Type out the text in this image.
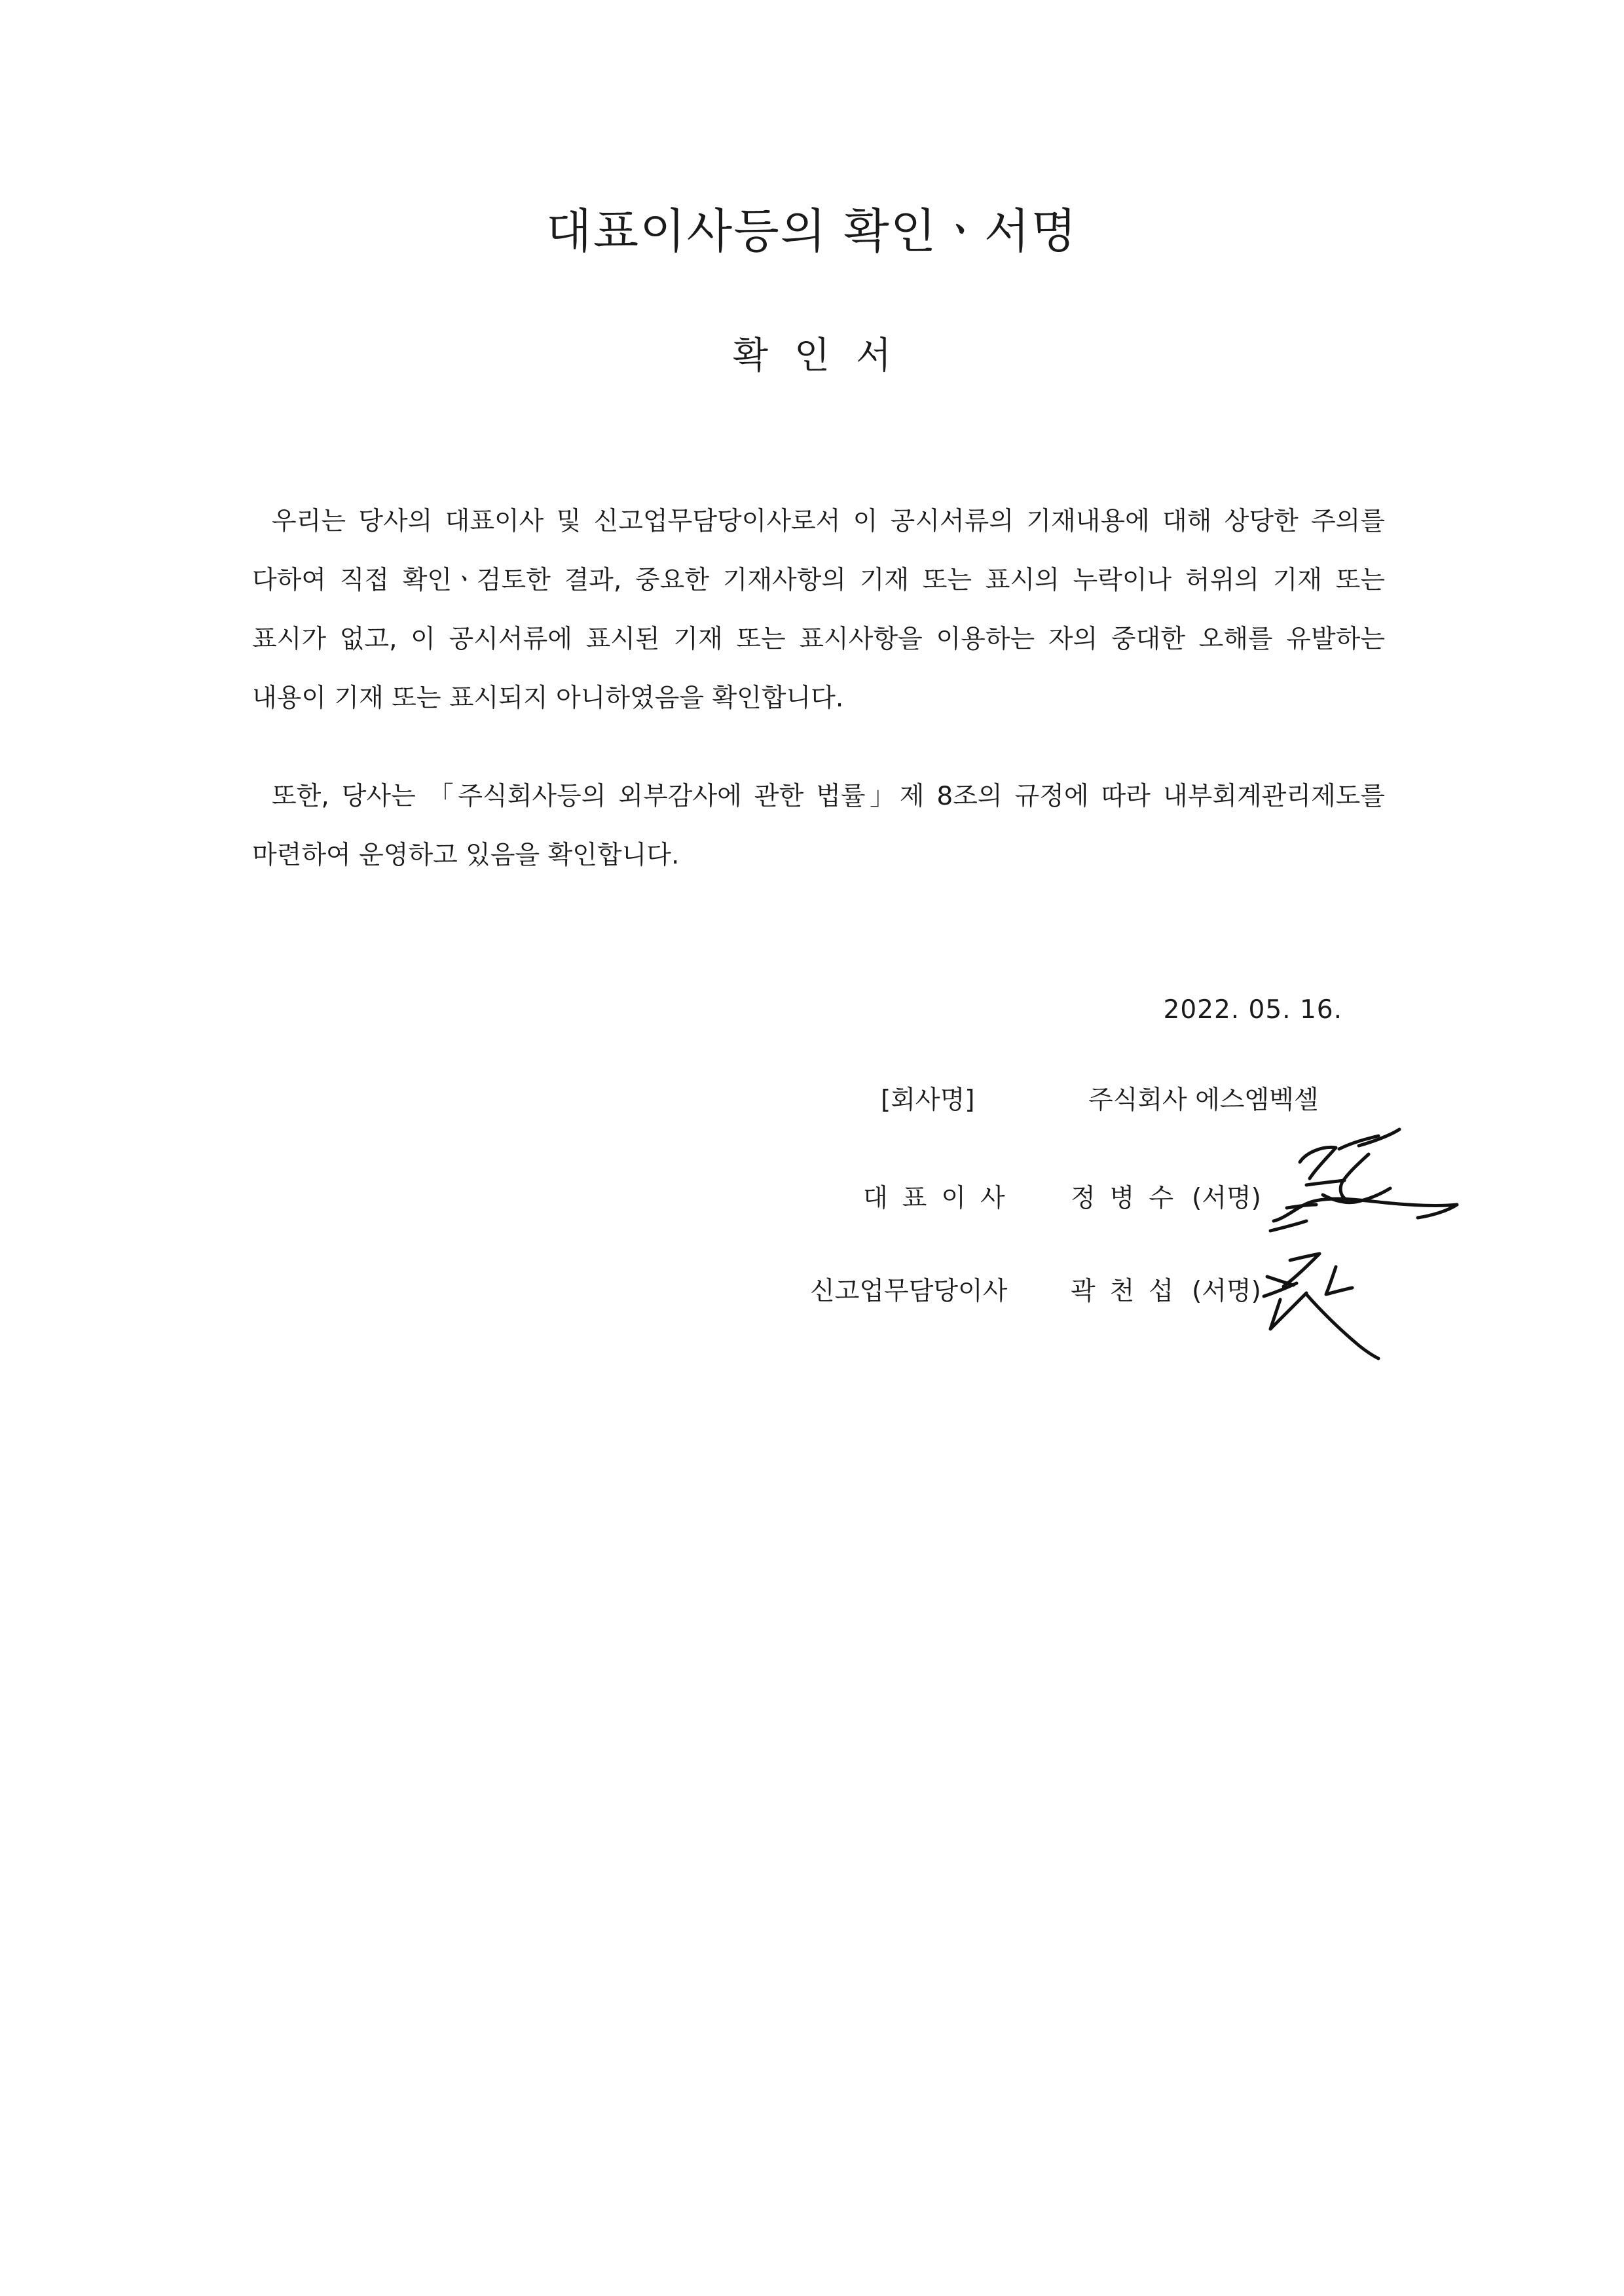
대표이사등의 확인ㆍ서명
확인서

우리는 당사의 대표이사 및 신고업무담당이사로서 이 공시서류의 기재내용에 대해 상당한 주의를 다하여 직접 확인ㆍ검토한 결과, 중요한 기재사항의 기재 또는 표시의 누락이나 허위의 기재 또는 표시가 없고, 이 공시서류에 표시된 기재 또는 표시사항을 이용하는 자의 중대한 오해를 유발하는 내용이 기재 또는 표시되지 아니하였음을 확인합니다.

또한, 당사는 「주식회사등의 외부감사에 관한 법률」제 8조의 규정에 따라 내부회계관리제도를 마련하여 운영하고 있음을 확인합니다.

2022. 05. 16.
[회사명]	주식회사 에스엠벡셀
대표이사 정병수 (서명)
신고업무담당이사 곽천섭 (서명)
